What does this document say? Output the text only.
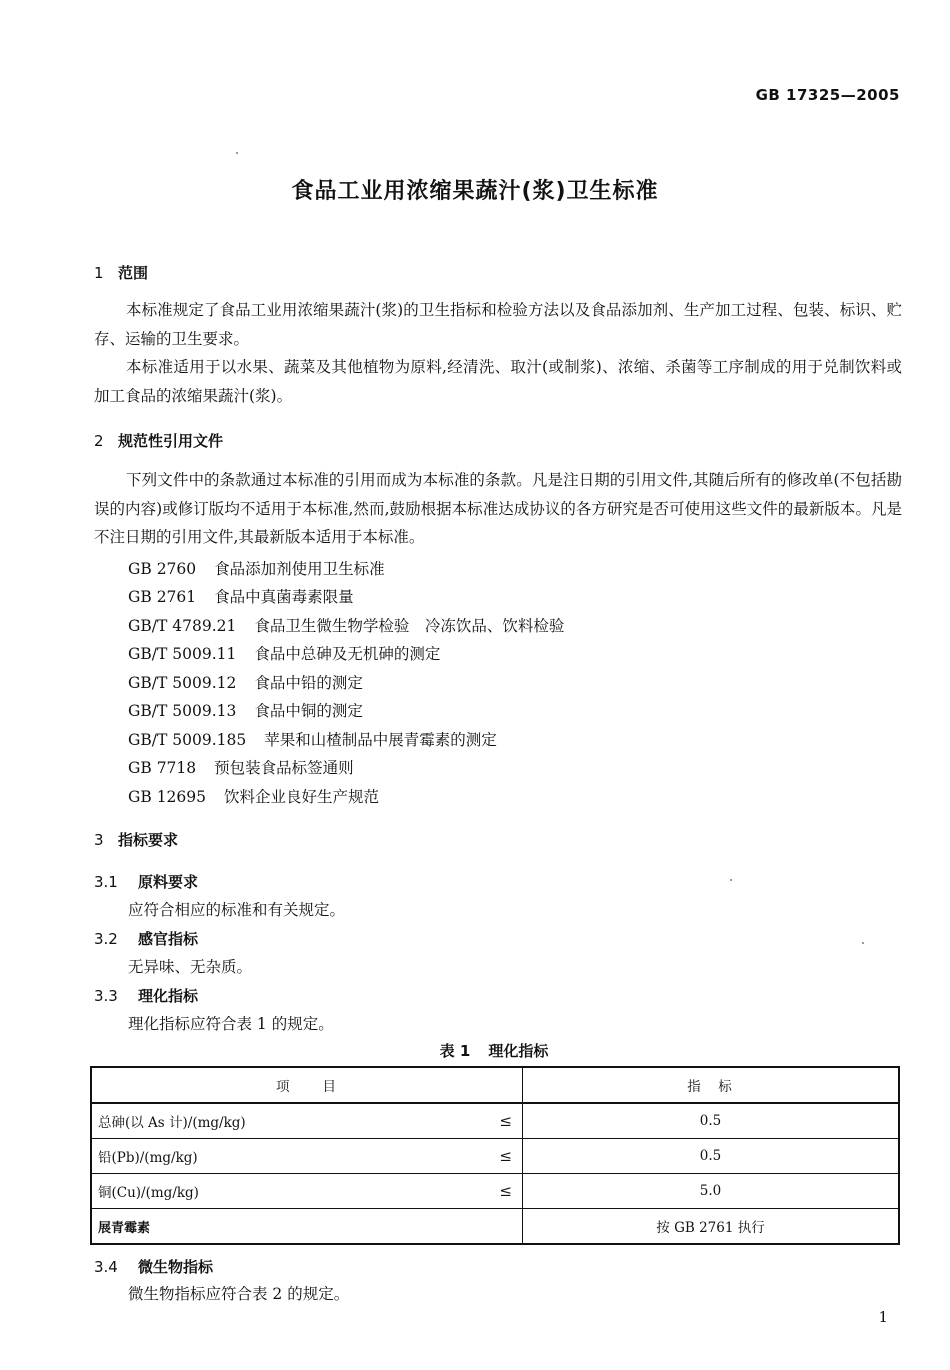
GB 17325—2005
食品工业用浓缩果蔬汁(浆)卫生标准
1 范围

本标准规定了食品工业用浓缩果蔬汁(浆)的卫生指标和检验方法以及食品添加剂、生产加工过程、包装、标识、贮存、运输的卫生要求。

本标准适用于以水果、蔬菜及其他植物为原料,经清洗、取汁(或制浆)、浓缩、杀菌等工序制成的用于兑制饮料或加工食品的浓缩果蔬汁(浆)。

2 规范性引用文件

下列文件中的条款通过本标准的引用而成为本标准的条款。凡是注日期的引用文件,其随后所有的修改单(不包括勘误的内容)或修订版均不适用于本标准,然而,鼓励根据本标准达成协议的各方研究是否可使用这些文件的最新版本。凡是不注日期的引用文件,其最新版本适用于本标准。

GB 2760 食品添加剂使用卫生标准
GB 2761 食品中真菌毒素限量
GB/T 4789.21 食品卫生微生物学检验　冷冻饮品、饮料检验
GB/T 5009.11 食品中总砷及无机砷的测定
GB/T 5009.12 食品中铅的测定
GB/T 5009.13 食品中铜的测定
GB/T 5009.185 苹果和山楂制品中展青霉素的测定
GB 7718 预包装食品标签通则
GB 12695 饮料企业良好生产规范
3 指标要求
3.1 原料要求
应符合相应的标准和有关规定。
3.2 感官指标
无异味、无杂质。
3.3 理化指标
理化指标应符合表 1 的规定。
表 1 理化指标
项　　目	指　标
总砷(以 As 计)/(mg/kg) ≤	0.5
铅(Pb)/(mg/kg) ≤	0.5
铜(Cu)/(mg/kg) ≤	5.0
展青霉素	按 GB 2761 执行
3.4 微生物指标
微生物指标应符合表 2 的规定。
1
